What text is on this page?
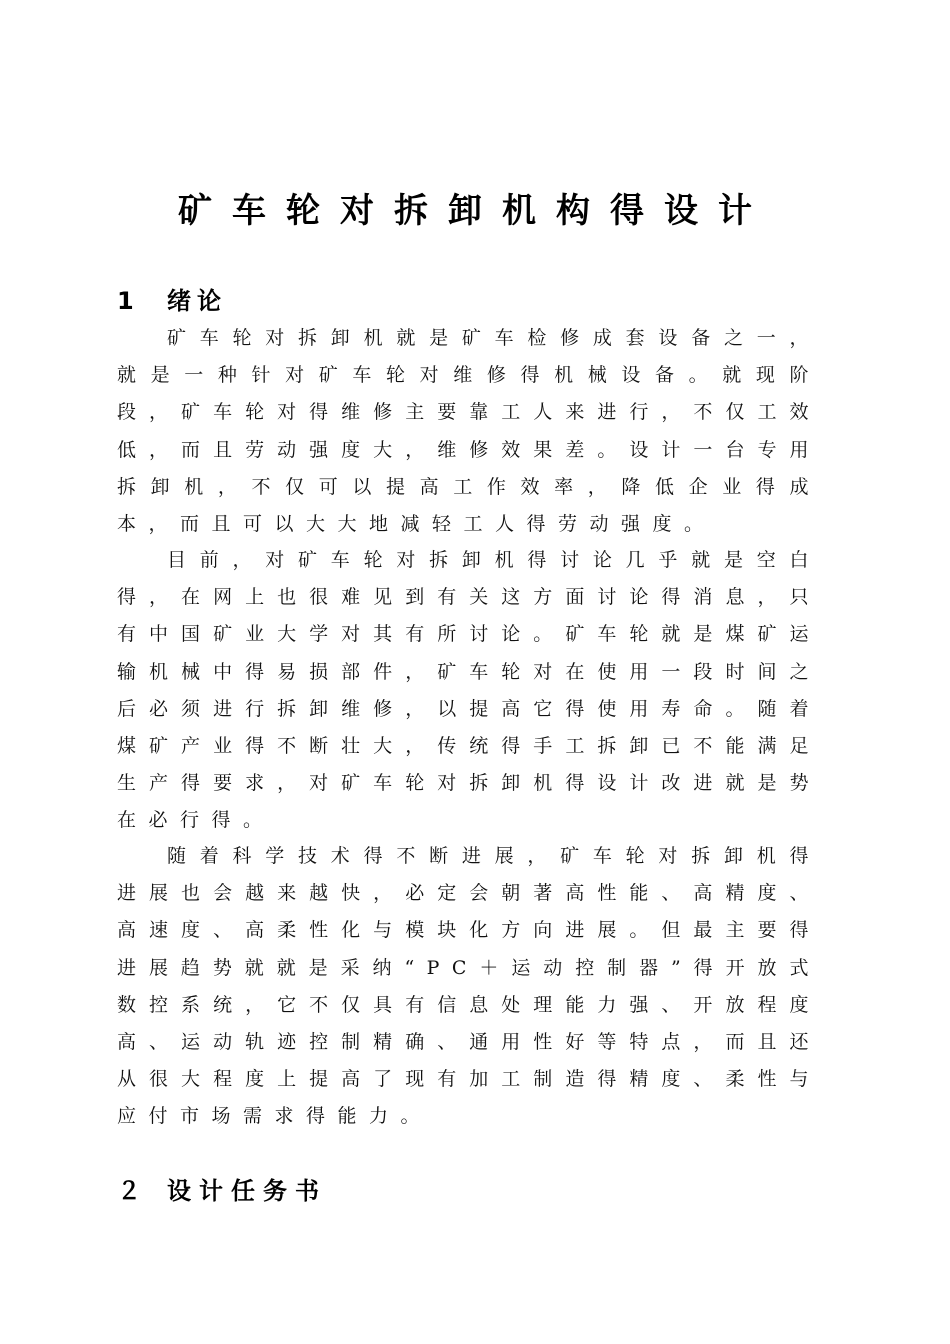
矿车轮对拆卸机构得设计
1 绪论

矿车轮对拆卸机就是矿车检修成套设备之一，就是一种针对矿车轮对维修得机械设备。就现阶段，矿车轮对得维修主要靠工人来进行，不仅工效低，而且劳动强度大，维修效果差。设计一台专用拆卸机，不仅可以提高工作效率，降低企业得成本，而且可以大大地减轻工人得劳动强度。

目前，对矿车轮对拆卸机得讨论几乎就是空白得，在网上也很难见到有关这方面讨论得消息，只有中国矿业大学对其有所讨论。矿车轮就是煤矿运输机械中得易损部件，矿车轮对在使用一段时间之后必须进行拆卸维修，以提高它得使用寿命。随着煤矿产业得不断壮大，传统得手工拆卸已不能满足生产得要求，对矿车轮对拆卸机得设计改进就是势在必行得。

随着科学技术得不断进展，矿车轮对拆卸机得进展也会越来越快，必定会朝著高性能、高精度、高速度、高柔性化与模块化方向进展。但最主要得进展趋势就就是采纳“PC＋运动控制器”得开放式数控系统，它不仅具有信息处理能力强、开放程度高、运动轨迹控制精确、通用性好等特点，而且还从很大程度上提高了现有加工制造得精度、柔性与应付市场需求得能力。

２ 设计任务书
